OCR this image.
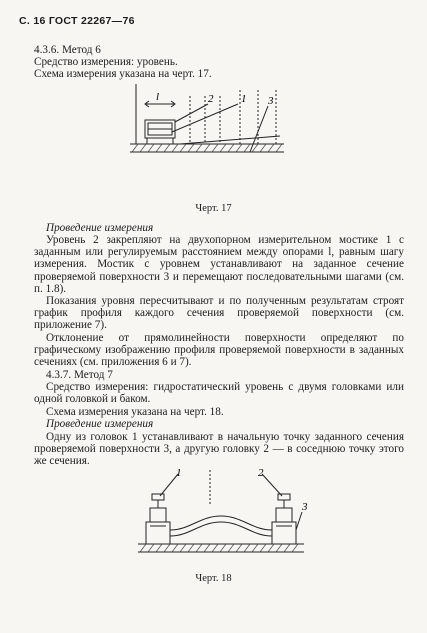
С. 16 ГОСТ 22267—76
4.3.6. Метод 6
Средство измерения: уровень.
Схема измерения указана на черт. 17.
l	2	1 3
Черт. 17
Проведение измерения
Уровень 2 закрепляют на двухопорном измерительном мостике 1 с заданным или регулируемым расстоянием между опорами l, равным шагу измерения. Мостик с уровнем устанавливают на заданное сечение проверяемой поверхности 3 и перемещают последовательными шагами (см. п. 1.8).
Показания уровня пересчитывают и по полученным результатам строят график профиля каждого сечения проверяемой поверхности (см. приложение 7).
Отклонение от прямолинейности поверхности определяют по графическому изображению профиля проверяемой поверхности в заданных сечениях (см. приложения 6 и 7).
4.3.7. Метод 7
Средство измерения: гидростатический уровень с двумя головками или одной головкой и баком.
Схема измерения указана на черт. 18.
Проведение измерения
Одну из головок 1 устанавливают в начальную точку заданного сечения проверяемой поверхности 3, а другую головку 2 — в соседнюю точку этого же сечения.
1	2
3
Черт. 18
